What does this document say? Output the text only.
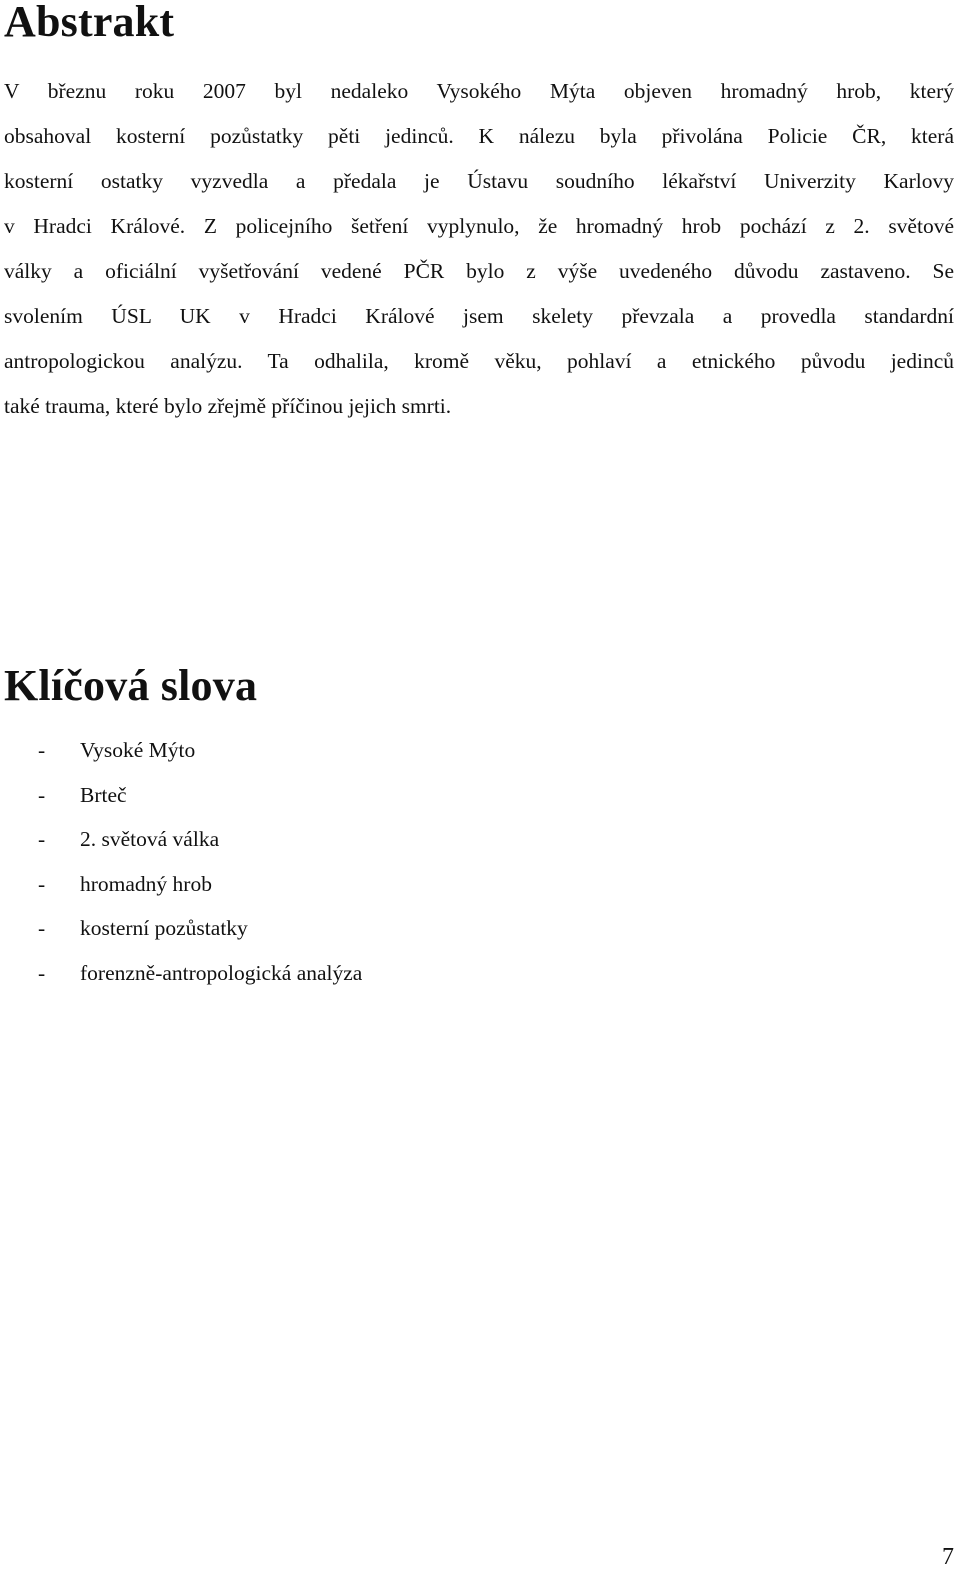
Abstrakt
V březnu roku 2007 byl nedaleko Vysokého Mýta objeven hromadný hrob, který
obsahoval kosterní pozůstatky pěti jedinců. K nálezu byla přivolána Policie ČR, která
kosterní ostatky vyzvedla a předala je Ústavu soudního lékařství Univerzity Karlovy
v Hradci Králové. Z policejního šetření vyplynulo, že hromadný hrob pochází z 2. světové
války a oficiální vyšetřování vedené PČR bylo z výše uvedeného důvodu zastaveno. Se
svolením ÚSL UK v Hradci Králové jsem skelety převzala a provedla standardní
antropologickou analýzu. Ta odhalila, kromě věku, pohlaví a etnického původu jedinců
také trauma, které bylo zřejmě příčinou jejich smrti.
Klíčová slova
-	Vysoké Mýto
-	Brteč
-	2. světová válka
-	hromadný hrob
-	kosterní pozůstatky
-	forenzně-antropologická analýza
7
